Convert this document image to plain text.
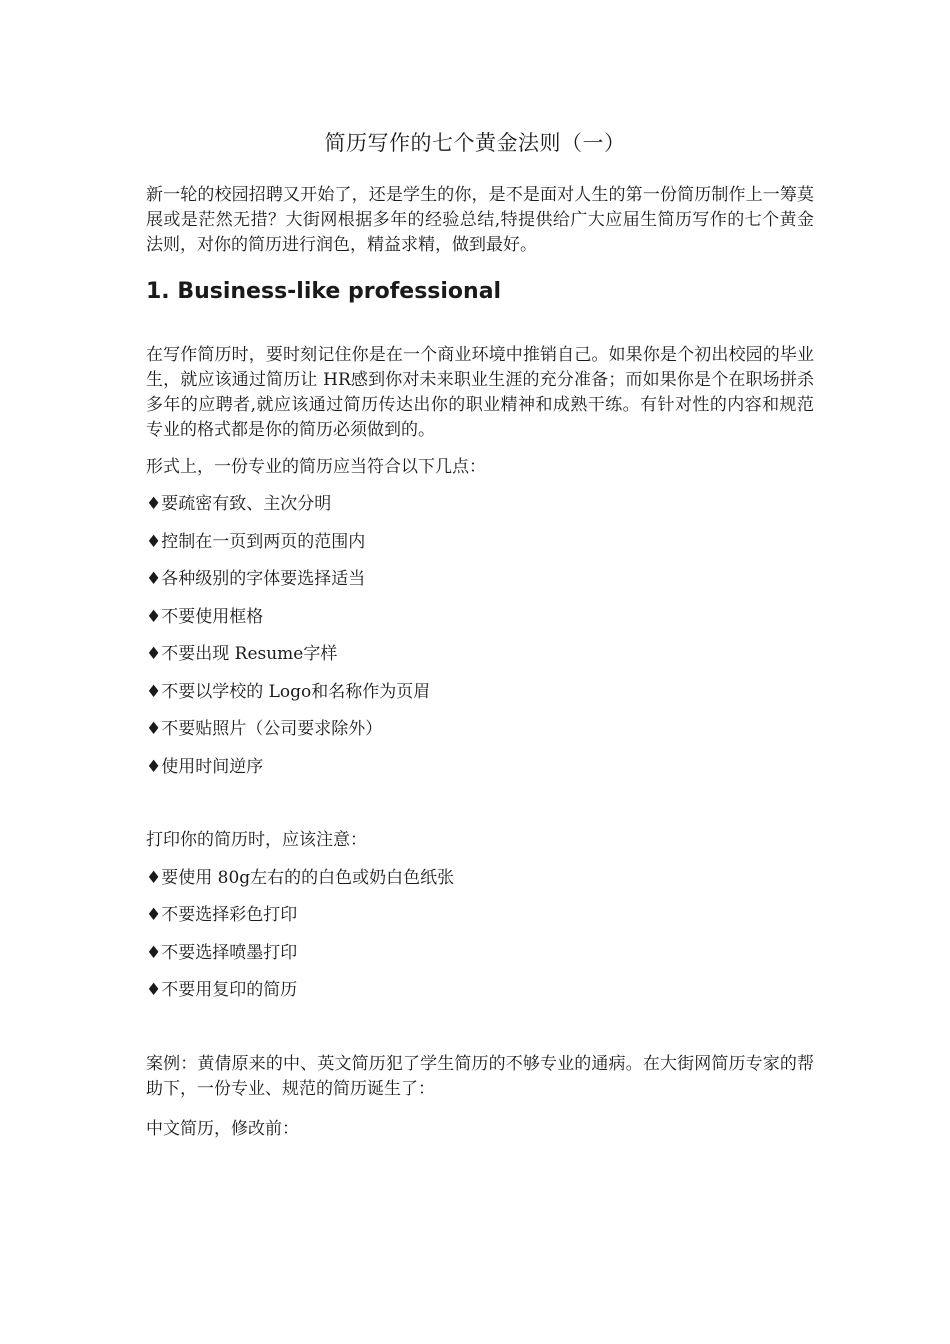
简历写作的七个黄金法则（一）
新一轮的校园招聘又开始了，还是学生的你，是不是面对人生的第一份简历制作上一筹莫展或是茫然无措？大街网根据多年的经验总结,特提供给广大应届生简历写作的七个黄金法则，对你的简历进行润色，精益求精，做到最好。
1. Business-like professional
在写作简历时，要时刻记住你是在一个商业环境中推销自己。如果你是个初出校园的毕业生，就应该通过简历让 HR感到你对未来职业生涯的充分准备；而如果你是个在职场拼杀多年的应聘者,就应该通过简历传达出你的职业精神和成熟干练。有针对性的内容和规范专业的格式都是你的简历必须做到的。
形式上，一份专业的简历应当符合以下几点：
♦要疏密有致、主次分明
♦控制在一页到两页的范围内
♦各种级别的字体要选择适当
♦不要使用框格
♦不要出现 Resume字样
♦不要以学校的 Logo和名称作为页眉
♦不要贴照片（公司要求除外）
♦使用时间逆序
打印你的简历时，应该注意：
♦要使用 80g左右的的白色或奶白色纸张
♦不要选择彩色打印
♦不要选择喷墨打印
♦不要用复印的简历
案例：黄倩原来的中、英文简历犯了学生简历的不够专业的通病。在大街网简历专家的帮助下，一份专业、规范的简历诞生了：
中文简历，修改前：
